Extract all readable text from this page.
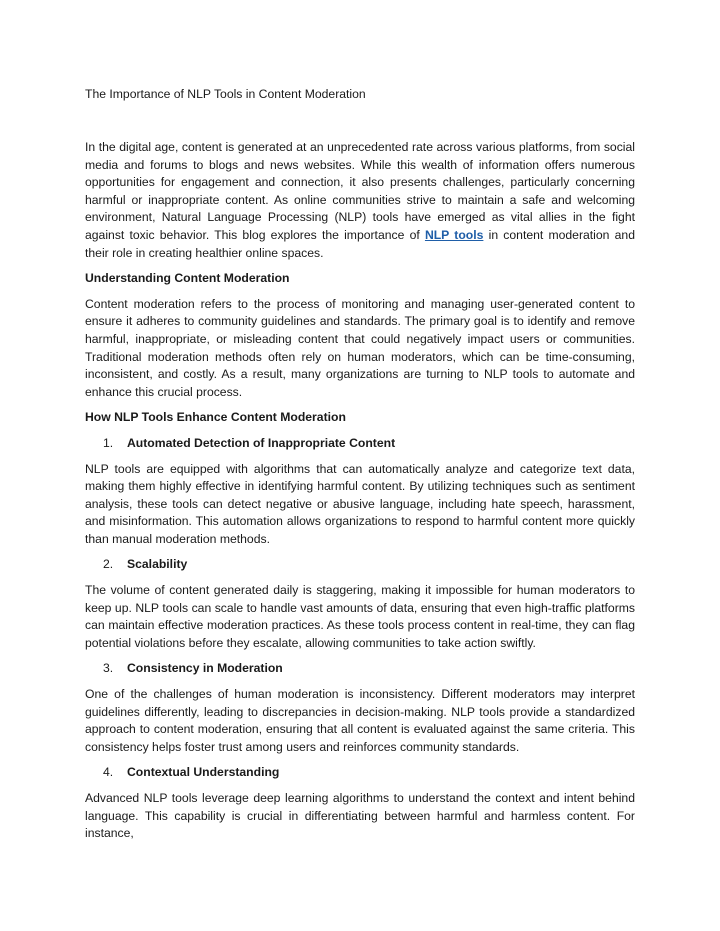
The Importance of NLP Tools in Content Moderation

In the digital age, content is generated at an unprecedented rate across various platforms, from social media and forums to blogs and news websites. While this wealth of information offers numerous opportunities for engagement and connection, it also presents challenges, particularly concerning harmful or inappropriate content. As online communities strive to maintain a safe and welcoming environment, Natural Language Processing (NLP) tools have emerged as vital allies in the fight against toxic behavior. This blog explores the importance of NLP tools in content moderation and their role in creating healthier online spaces.

Understanding Content Moderation

Content moderation refers to the process of monitoring and managing user-generated content to ensure it adheres to community guidelines and standards. The primary goal is to identify and remove harmful, inappropriate, or misleading content that could negatively impact users or communities. Traditional moderation methods often rely on human moderators, which can be time-consuming, inconsistent, and costly. As a result, many organizations are turning to NLP tools to automate and enhance this crucial process.

How NLP Tools Enhance Content Moderation
1.	Automated Detection of Inappropriate Content

NLP tools are equipped with algorithms that can automatically analyze and categorize text data, making them highly effective in identifying harmful content. By utilizing techniques such as sentiment analysis, these tools can detect negative or abusive language, including hate speech, harassment, and misinformation. This automation allows organizations to respond to harmful content more quickly than manual moderation methods.

2.	Scalability

The volume of content generated daily is staggering, making it impossible for human moderators to keep up. NLP tools can scale to handle vast amounts of data, ensuring that even high-traffic platforms can maintain effective moderation practices. As these tools process content in real-time, they can flag potential violations before they escalate, allowing communities to take action swiftly.

3.	Consistency in Moderation

One of the challenges of human moderation is inconsistency. Different moderators may interpret guidelines differently, leading to discrepancies in decision-making. NLP tools provide a standardized approach to content moderation, ensuring that all content is evaluated against the same criteria. This consistency helps foster trust among users and reinforces community standards.

4.	Contextual Understanding

Advanced NLP tools leverage deep learning algorithms to understand the context and intent behind language. This capability is crucial in differentiating between harmful and harmless content. For instance,
